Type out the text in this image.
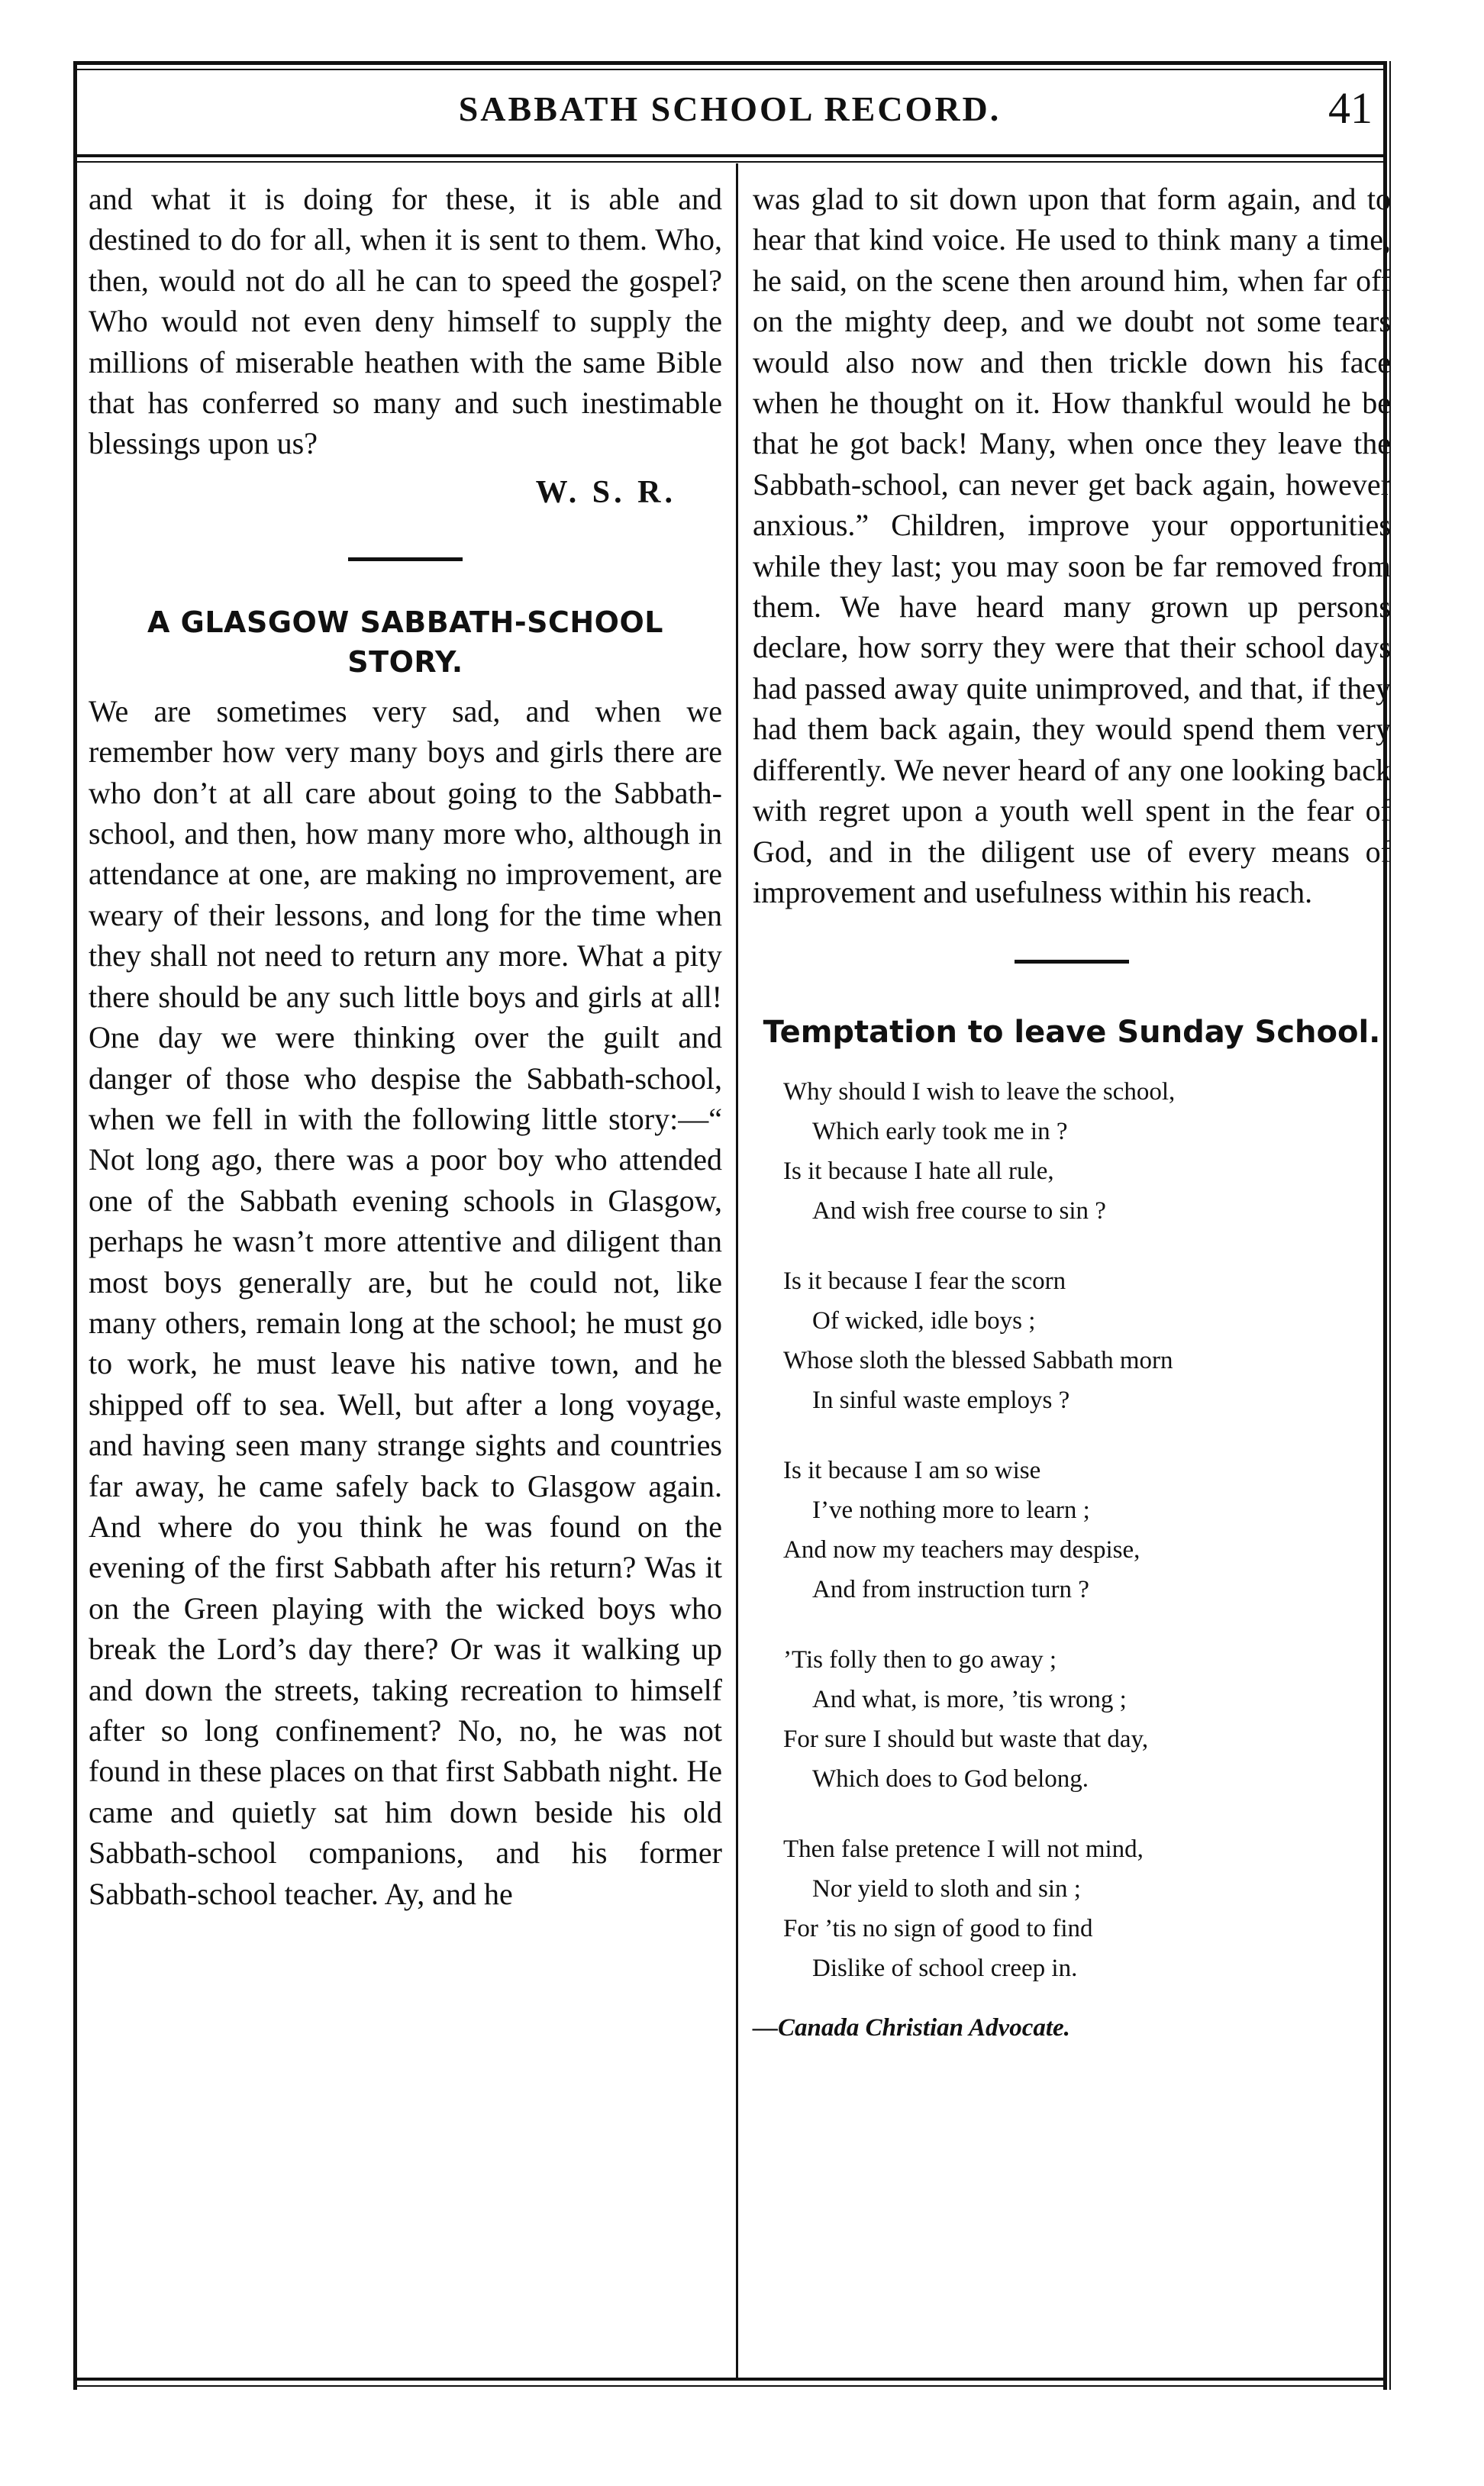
SABBATH SCHOOL RECORD.	41

and what it is doing for these, it is able and destined to do for all, when it is sent to them. Who, then, would not do all he can to speed the gospel? Who would not even deny himself to supply the millions of miserable heathen with the same Bible that has conferred so many and such inestimable blessings upon us?

W. S. R.
A GLASGOW SABBATH-SCHOOL STORY.

We are sometimes very sad, and when we remember how very many boys and girls there are who don’t at all care about going to the Sabbath-school, and then, how many more who, although in attendance at one, are making no improvement, are weary of their lessons, and long for the time when they shall not need to return any more. What a pity there should be any such little boys and girls at all! One day we were thinking over the guilt and danger of those who despise the Sabbath-school, when we fell in with the following little story:—“ Not long ago, there was a poor boy who attended one of the Sabbath evening schools in Glasgow, perhaps he wasn’t more attentive and diligent than most boys generally are, but he could not, like many others, remain long at the school; he must go to work, he must leave his native town, and he shipped off to sea. Well, but after a long voyage, and having seen many strange sights and countries far away, he came safely back to Glasgow again. And where do you think he was found on the evening of the first Sabbath after his return? Was it on the Green playing with the wicked boys who break the Lord’s day there? Or was it walking up and down the streets, taking recreation to himself after so long confinement? No, no, he was not found in these places on that first Sabbath night. He came and quietly sat him down beside his old Sabbath-school companions, and his former Sabbath-school teacher. Ay, and he

was glad to sit down upon that form again, and to hear that kind voice. He used to think many a time, he said, on the scene then around him, when far off on the mighty deep, and we doubt not some tears would also now and then trickle down his face when he thought on it. How thankful would he be that he got back! Many, when once they leave the Sabbath-school, can never get back again, however anxious.” Children, improve your opportunities while they last; you may soon be far removed from them. We have heard many grown up persons declare, how sorry they were that their school days had passed away quite unimproved, and that, if they had them back again, they would spend them very differently. We never heard of any one looking back with regret upon a youth well spent in the fear of God, and in the diligent use of every means of improvement and usefulness within his reach.

Temptation to leave Sunday School.
Why should I wish to leave the school,
Which early took me in ?
Is it because I hate all rule,
And wish free course to sin ?
Is it because I fear the scorn
Of wicked, idle boys ;
Whose sloth the blessed Sabbath morn
In sinful waste employs ?
Is it because I am so wise
I’ve nothing more to learn ;
And now my teachers may despise,
And from instruction turn ?
’Tis folly then to go away ;
And what, is more, ’tis wrong ;
For sure I should but waste that day,
Which does to God belong.
Then false pretence I will not mind,
Nor yield to sloth and sin ;
For ’tis no sign of good to find
Dislike of school creep in.
—Canada Christian Advocate.
